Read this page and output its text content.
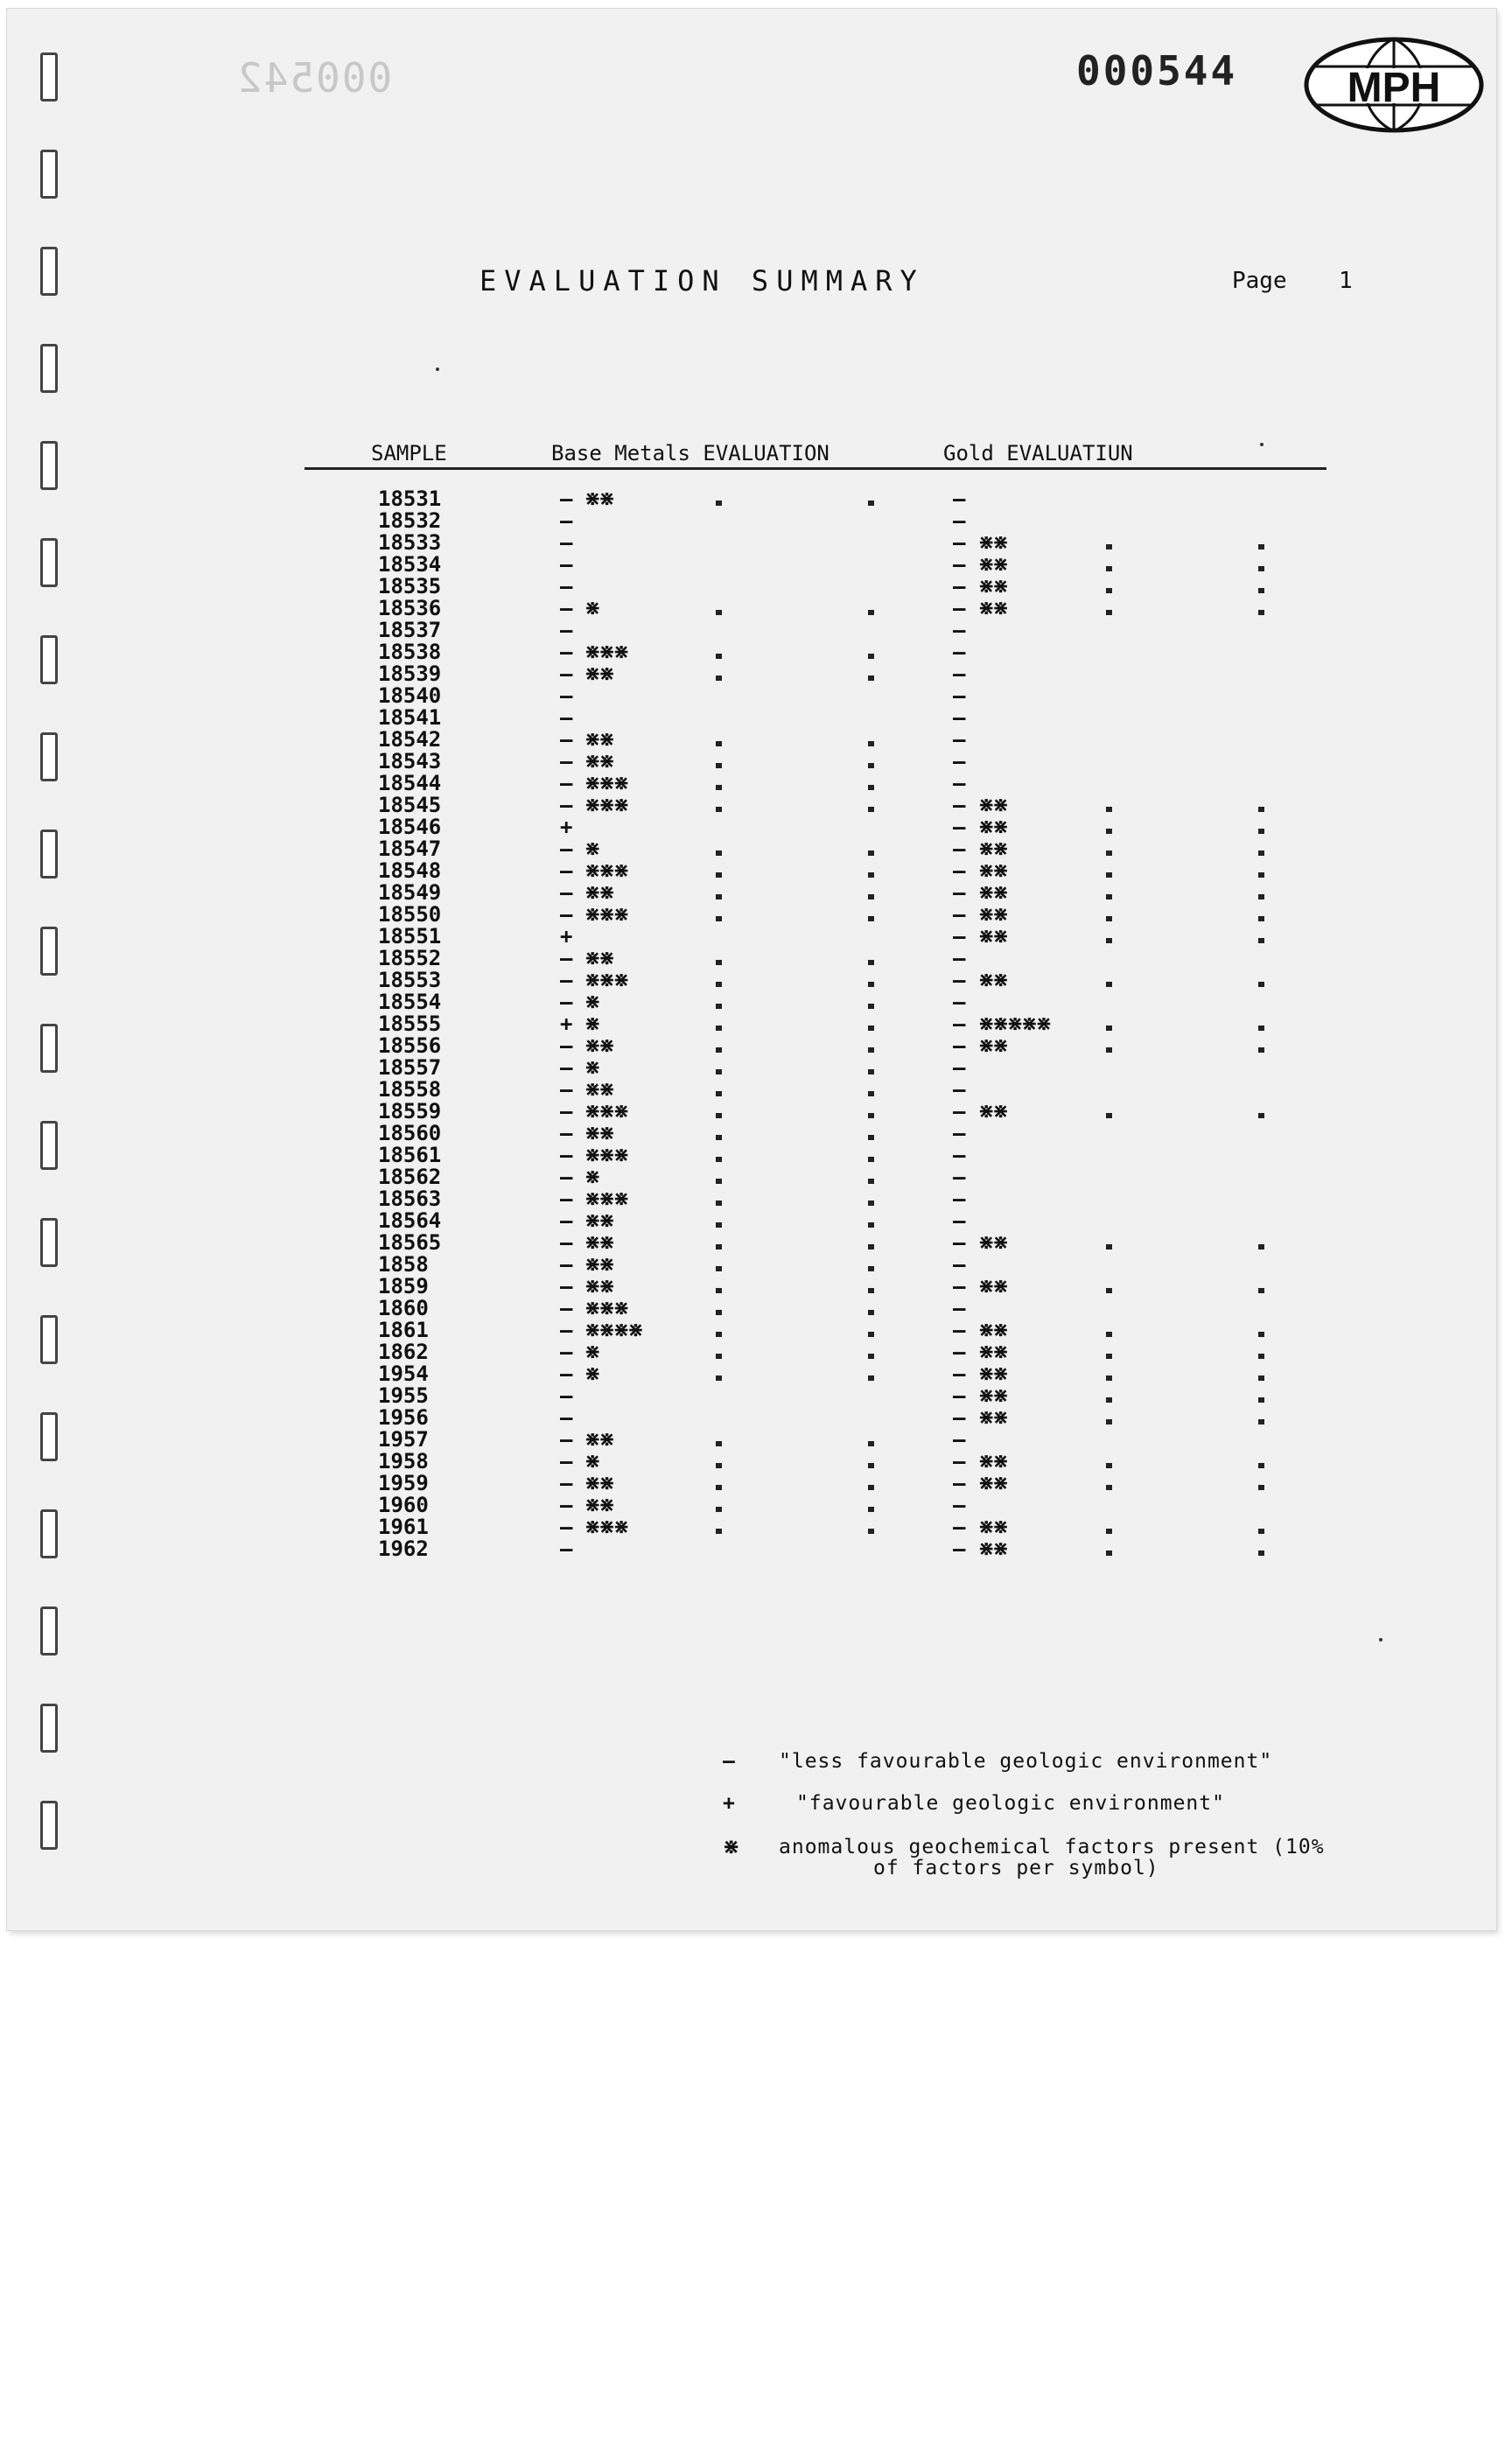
000542	000544	MPH
EVALUATION SUMMARY	Page 1
SAMPLE	Base Metals EVALUATION	Gold EVALUATIUN
18531	— ⋇⋇	—
18532	—	—
18533	—	— ⋇⋇
18534	—	— ⋇⋇
18535	—	— ⋇⋇
18536	— ⋇	— ⋇⋇
18537	—	—
18538	— ⋇⋇⋇	—
18539	— ⋇⋇	—
18540	—	—
18541	—	—
18542	— ⋇⋇	—
18543	— ⋇⋇	—
18544	— ⋇⋇⋇	—
18545	— ⋇⋇⋇	— ⋇⋇
18546	+	— ⋇⋇
18547	— ⋇	— ⋇⋇
18548	— ⋇⋇⋇	— ⋇⋇
18549	— ⋇⋇	— ⋇⋇
18550	— ⋇⋇⋇	— ⋇⋇
18551	+	— ⋇⋇
18552	— ⋇⋇	—
18553	— ⋇⋇⋇	— ⋇⋇
18554	— ⋇	—
18555	+ ⋇	— ⋇⋇⋇⋇⋇
18556	— ⋇⋇	— ⋇⋇
18557	— ⋇	—
18558	— ⋇⋇	—
18559	— ⋇⋇⋇	— ⋇⋇
18560	— ⋇⋇	—
18561	— ⋇⋇⋇	—
18562	— ⋇	—
18563	— ⋇⋇⋇	—
18564	— ⋇⋇	—
18565	— ⋇⋇	— ⋇⋇
1858	— ⋇⋇	—
1859	— ⋇⋇	— ⋇⋇
1860	— ⋇⋇⋇	—
1861	— ⋇⋇⋇⋇	— ⋇⋇
1862	— ⋇	— ⋇⋇
1954	— ⋇	— ⋇⋇
1955	—	— ⋇⋇
1956	—	— ⋇⋇
1957	— ⋇⋇	—
1958	— ⋇	— ⋇⋇
1959	— ⋇⋇	— ⋇⋇
1960	— ⋇⋇	—
1961	— ⋇⋇⋇	— ⋇⋇
1962	—	— ⋇⋇
— "less favourable geologic environment"
+	"favourable geologic environment"
⋇ anomalous geochemical factors present (10%
of factors per symbol)
